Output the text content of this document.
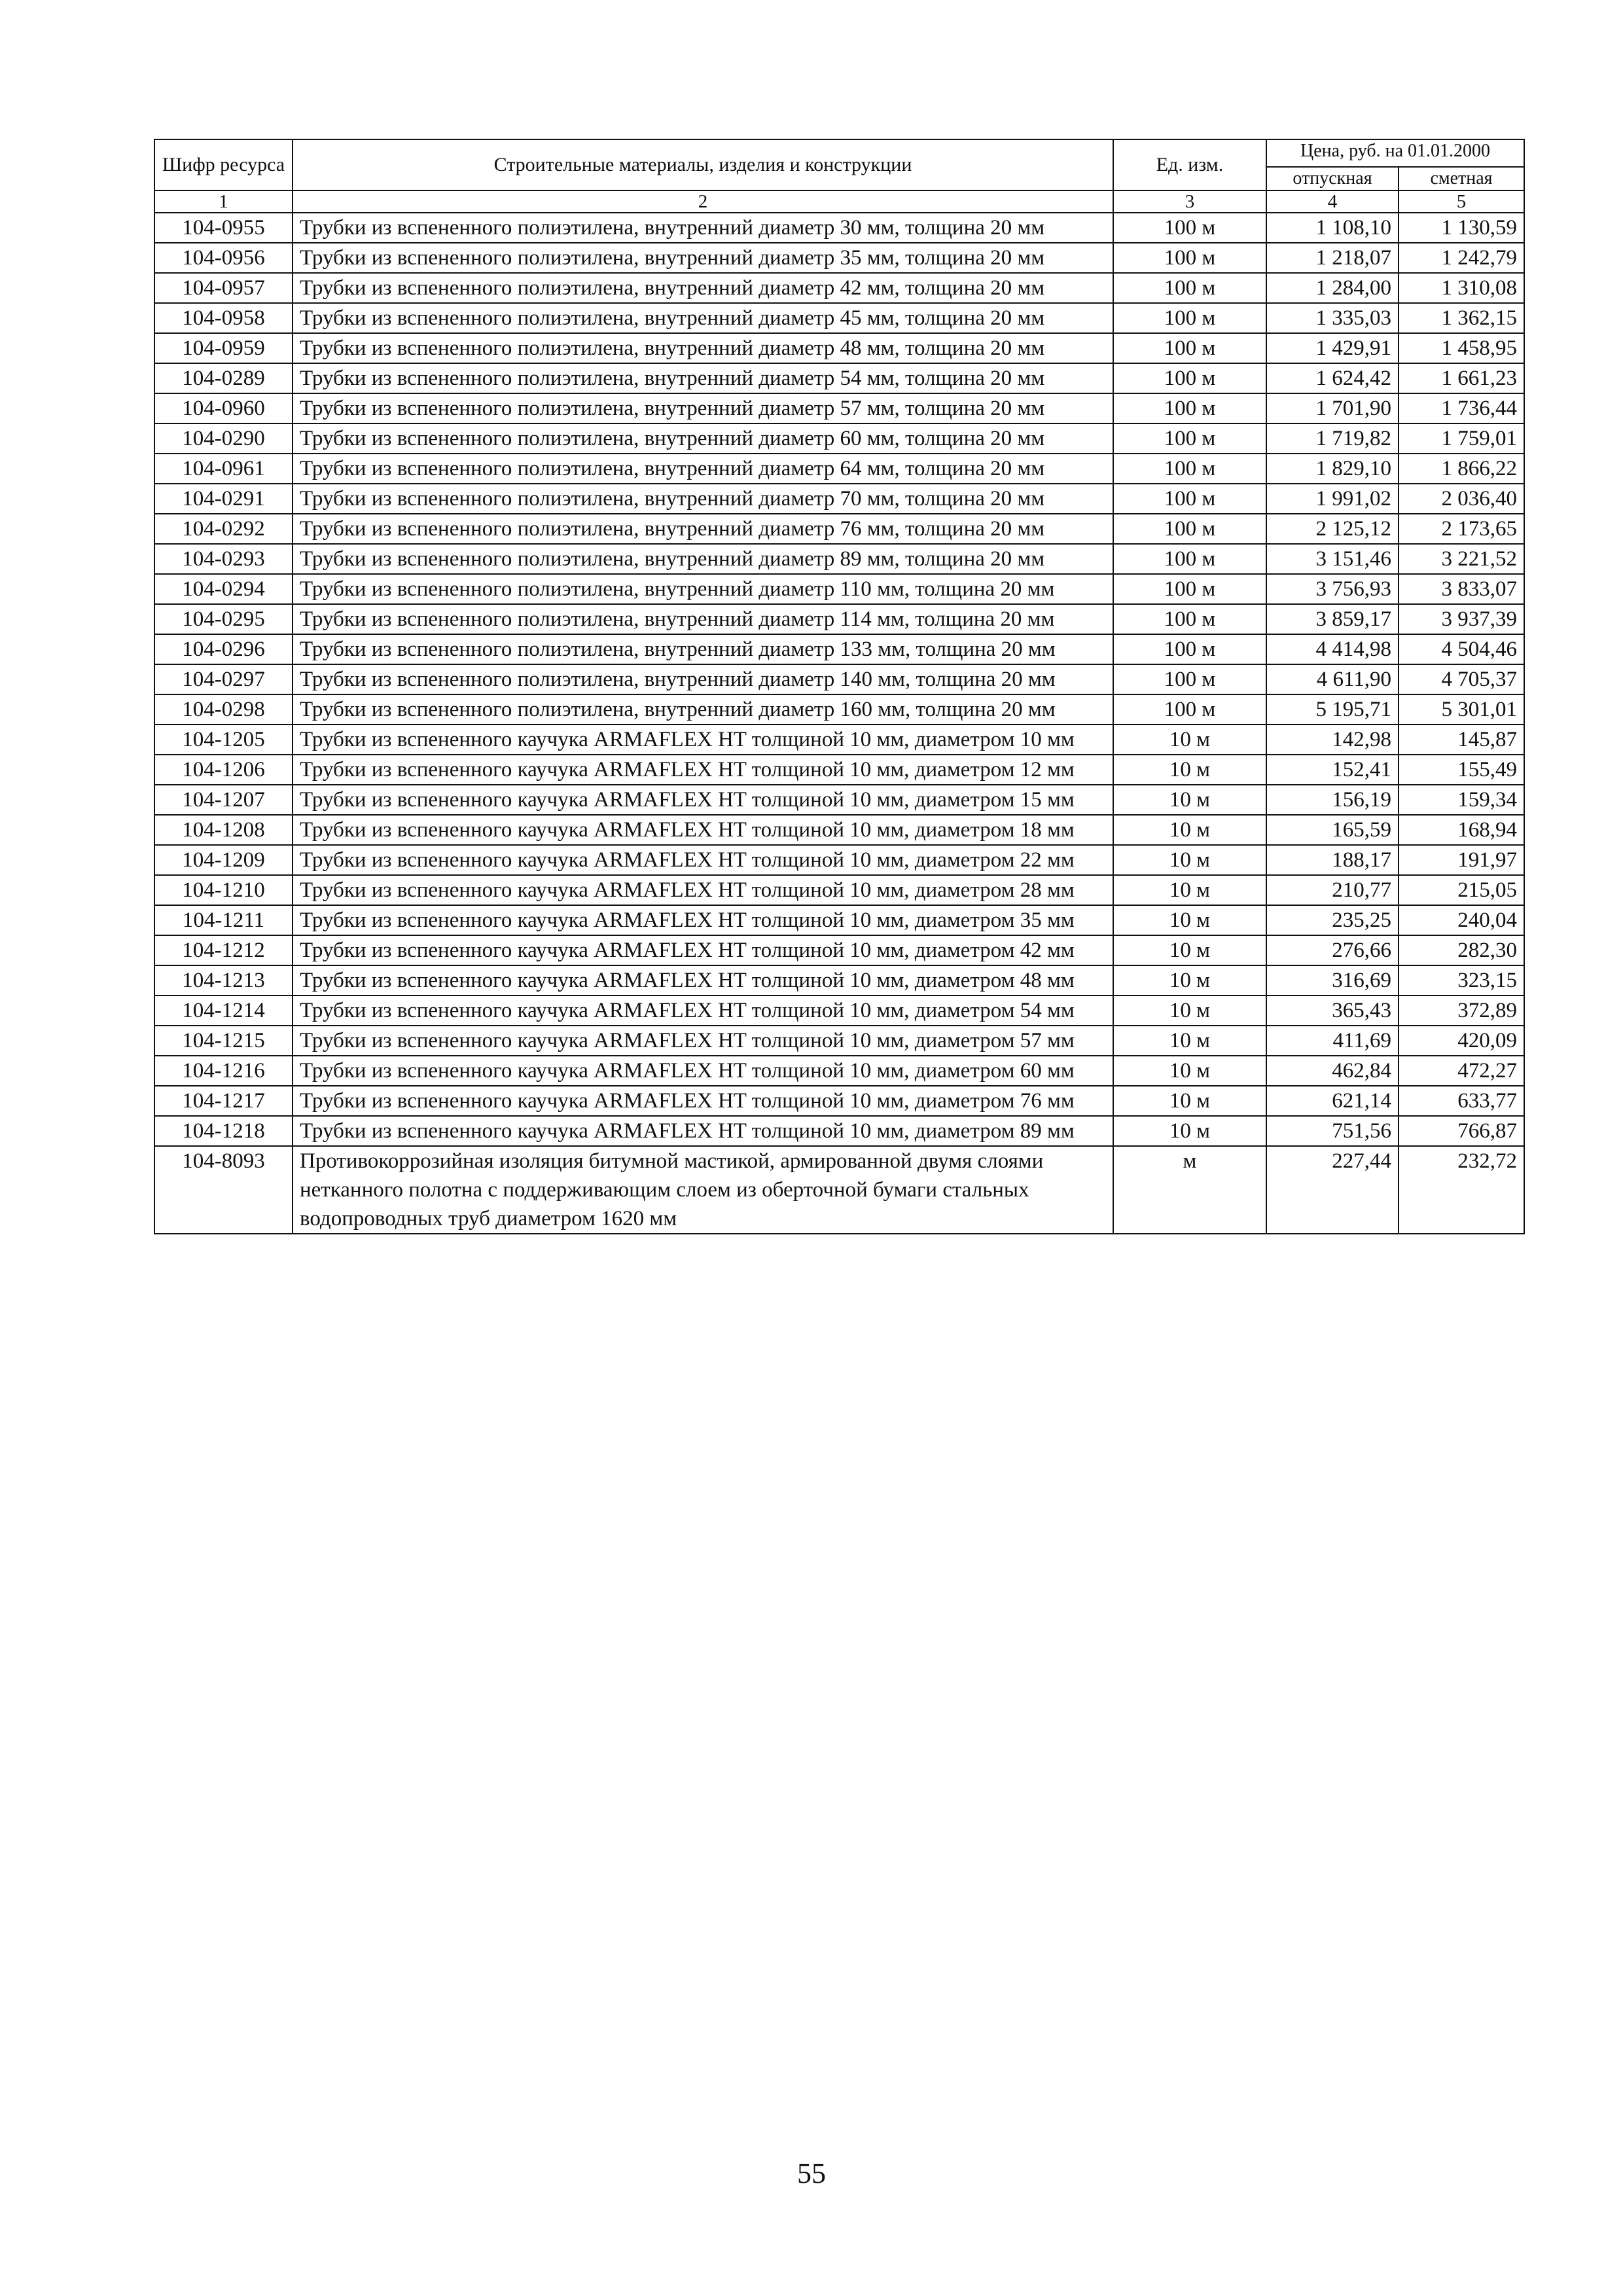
Шифр ресурса	Строительные материалы, изделия и конструкции	Ед. изм.	Цена, руб. на 01.01.2000	
			отпускная	сметная
1	2	3	4	5
104-0955	Трубки из вспененного полиэтилена, внутренний диаметр 30 мм, толщина 20 мм	100 м	1 108,10	1 130,59
104-0956	Трубки из вспененного полиэтилена, внутренний диаметр 35 мм, толщина 20 мм	100 м	1 218,07	1 242,79
104-0957	Трубки из вспененного полиэтилена, внутренний диаметр 42 мм, толщина 20 мм	100 м	1 284,00	1 310,08
104-0958	Трубки из вспененного полиэтилена, внутренний диаметр 45 мм, толщина 20 мм	100 м	1 335,03	1 362,15
104-0959	Трубки из вспененного полиэтилена, внутренний диаметр 48 мм, толщина 20 мм	100 м	1 429,91	1 458,95
104-0289	Трубки из вспененного полиэтилена, внутренний диаметр 54 мм, толщина 20 мм	100 м	1 624,42	1 661,23
104-0960	Трубки из вспененного полиэтилена, внутренний диаметр 57 мм, толщина 20 мм	100 м	1 701,90	1 736,44
104-0290	Трубки из вспененного полиэтилена, внутренний диаметр 60 мм, толщина 20 мм	100 м	1 719,82	1 759,01
104-0961	Трубки из вспененного полиэтилена, внутренний диаметр 64 мм, толщина 20 мм	100 м	1 829,10	1 866,22
104-0291	Трубки из вспененного полиэтилена, внутренний диаметр 70 мм, толщина 20 мм	100 м	1 991,02	2 036,40
104-0292	Трубки из вспененного полиэтилена, внутренний диаметр 76 мм, толщина 20 мм	100 м	2 125,12	2 173,65
104-0293	Трубки из вспененного полиэтилена, внутренний диаметр 89 мм, толщина 20 мм	100 м	3 151,46	3 221,52
104-0294	Трубки из вспененного полиэтилена, внутренний диаметр 110 мм, толщина 20 мм	100 м	3 756,93	3 833,07
104-0295	Трубки из вспененного полиэтилена, внутренний диаметр 114 мм, толщина 20 мм	100 м	3 859,17	3 937,39
104-0296	Трубки из вспененного полиэтилена, внутренний диаметр 133 мм, толщина 20 мм	100 м	4 414,98	4 504,46
104-0297	Трубки из вспененного полиэтилена, внутренний диаметр 140 мм, толщина 20 мм	100 м	4 611,90	4 705,37
104-0298	Трубки из вспененного полиэтилена, внутренний диаметр 160 мм, толщина 20 мм	100 м	5 195,71	5 301,01
104-1205	Трубки из вспененного каучука ARMAFLEX HT толщиной 10 мм, диаметром 10 мм	10 м	142,98	145,87
104-1206	Трубки из вспененного каучука ARMAFLEX HT толщиной 10 мм, диаметром 12 мм	10 м	152,41	155,49
104-1207	Трубки из вспененного каучука ARMAFLEX HT толщиной 10 мм, диаметром 15 мм	10 м	156,19	159,34
104-1208	Трубки из вспененного каучука ARMAFLEX HT толщиной 10 мм, диаметром 18 мм	10 м	165,59	168,94
104-1209	Трубки из вспененного каучука ARMAFLEX HT толщиной 10 мм, диаметром 22 мм	10 м	188,17	191,97
104-1210	Трубки из вспененного каучука ARMAFLEX HT толщиной 10 мм, диаметром 28 мм	10 м	210,77	215,05
104-1211	Трубки из вспененного каучука ARMAFLEX HT толщиной 10 мм, диаметром 35 мм	10 м	235,25	240,04
104-1212	Трубки из вспененного каучука ARMAFLEX HT толщиной 10 мм, диаметром 42 мм	10 м	276,66	282,30
104-1213	Трубки из вспененного каучука ARMAFLEX HT толщиной 10 мм, диаметром 48 мм	10 м	316,69	323,15
104-1214	Трубки из вспененного каучука ARMAFLEX HT толщиной 10 мм, диаметром 54 мм	10 м	365,43	372,89
104-1215	Трубки из вспененного каучука ARMAFLEX HT толщиной 10 мм, диаметром 57 мм	10 м	411,69	420,09
104-1216	Трубки из вспененного каучука ARMAFLEX HT толщиной 10 мм, диаметром 60 мм	10 м	462,84	472,27
104-1217	Трубки из вспененного каучука ARMAFLEX HT толщиной 10 мм, диаметром 76 мм	10 м	621,14	633,77
104-1218	Трубки из вспененного каучука ARMAFLEX HT толщиной 10 мм, диаметром 89 мм	10 м	751,56	766,87
104-8093	Противокоррозийная изоляция битумной мастикой, армированной двумя слоями нетканного полотна с поддерживающим слоем из оберточной бумаги стальных водопроводных труб диаметром 1620 мм	м	227,44	232,72
55
